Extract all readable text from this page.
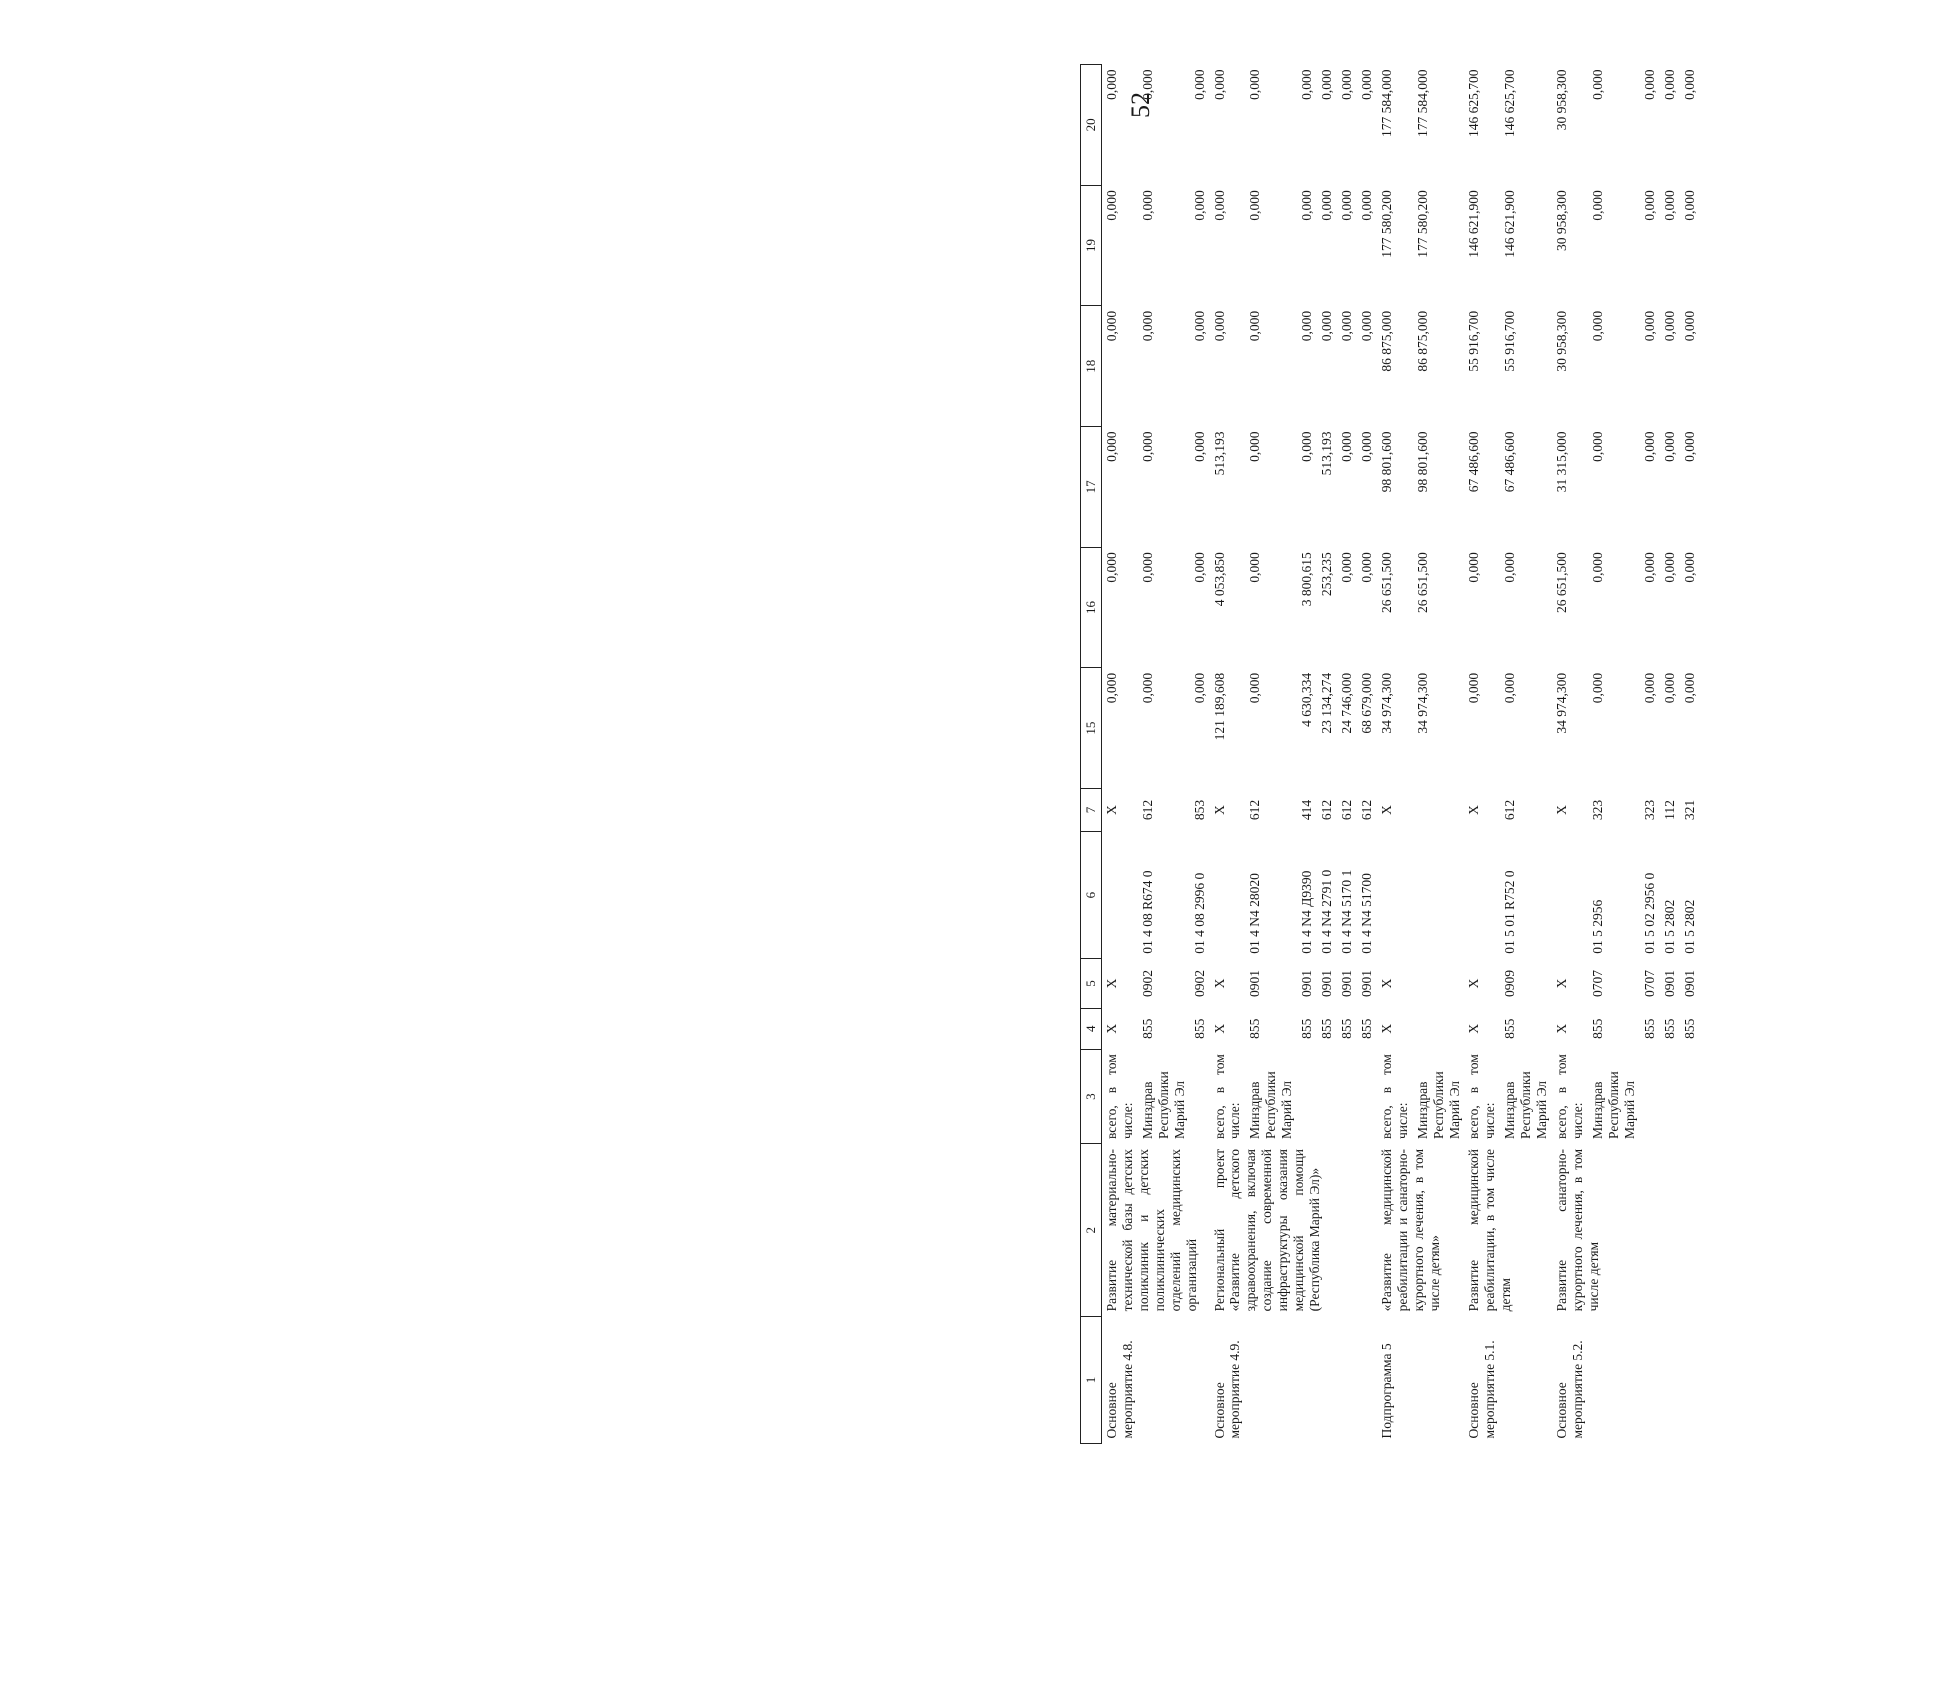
52
1	2	3	4	5	6	7	15	16	17	18	19	20
Основное мероприятие 4.8.	Развитие материально-технической базы детских поликлиник и детских поликлинических отделений медицинских организаций	всего, в том числе:	X	X		X	0,000	0,000	0,000	0,000	0,000	0,000
		Минздрав Республики Марий Эл	855	0902	01 4 08 R674 0	612	0,000	0,000	0,000	0,000	0,000	0,000
			855	0902	01 4 08 2996 0	853	0,000	0,000	0,000	0,000	0,000	0,000
Основное мероприятие 4.9.	Региональный проект «Развитие детского здравоохранения, включая создание современной инфраструктуры оказания медицинской помощи (Республика Марий Эл)»	всего, в том числе:	X	X		X	121 189,608	4 053,850	513,193	0,000	0,000	0,000
		Минздрав Республики Марий Эл	855	0901	01 4 N4 28020	612	0,000	0,000	0,000	0,000	0,000	0,000
			855	0901	01 4 N4 Д9390	414	4 630,334	3 800,615	0,000	0,000	0,000	0,000
			855	0901	01 4 N4 2791 0	612	23 134,274	253,235	513,193	0,000	0,000	0,000
			855	0901	01 4 N4 5170 1	612	24 746,000	0,000	0,000	0,000	0,000	0,000
			855	0901	01 4 N4 51700	612	68 679,000	0,000	0,000	0,000	0,000	0,000
Подпрограмма 5	«Развитие медицинской реабилитации и санаторно-курортного лечения, в том числе детям»	всего, в том числе:	X	X		X	34 974,300	26 651,500	98 801,600	86 875,000	177 580,200	177 584,000
		Минздрав Республики Марий Эл					34 974,300	26 651,500	98 801,600	86 875,000	177 580,200	177 584,000
Основное мероприятие 5.1.	Развитие медицинской реабилитации, в том числе детям	всего, в том числе:	X	X		X	0,000	0,000	67 486,600	55 916,700	146 621,900	146 625,700
		Минздрав Республики Марий Эл	855	0909	01 5 01 R752 0	612	0,000	0,000	67 486,600	55 916,700	146 621,900	146 625,700
Основное мероприятие 5.2.	Развитие санаторно-курортного лечения, в том числе детям	всего, в том числе:	X	X		X	34 974,300	26 651,500	31 315,000	30 958,300	30 958,300	30 958,300
		Минздрав Республики Марий Эл	855	0707	01 5 2956	323	0,000	0,000	0,000	0,000	0,000	0,000
			855	0707	01 5 02 2956 0	323	0,000	0,000	0,000	0,000	0,000	0,000
			855	0901	01 5 2802	112	0,000	0,000	0,000	0,000	0,000	0,000
			855	0901	01 5 2802	321	0,000	0,000	0,000	0,000	0,000	0,000
